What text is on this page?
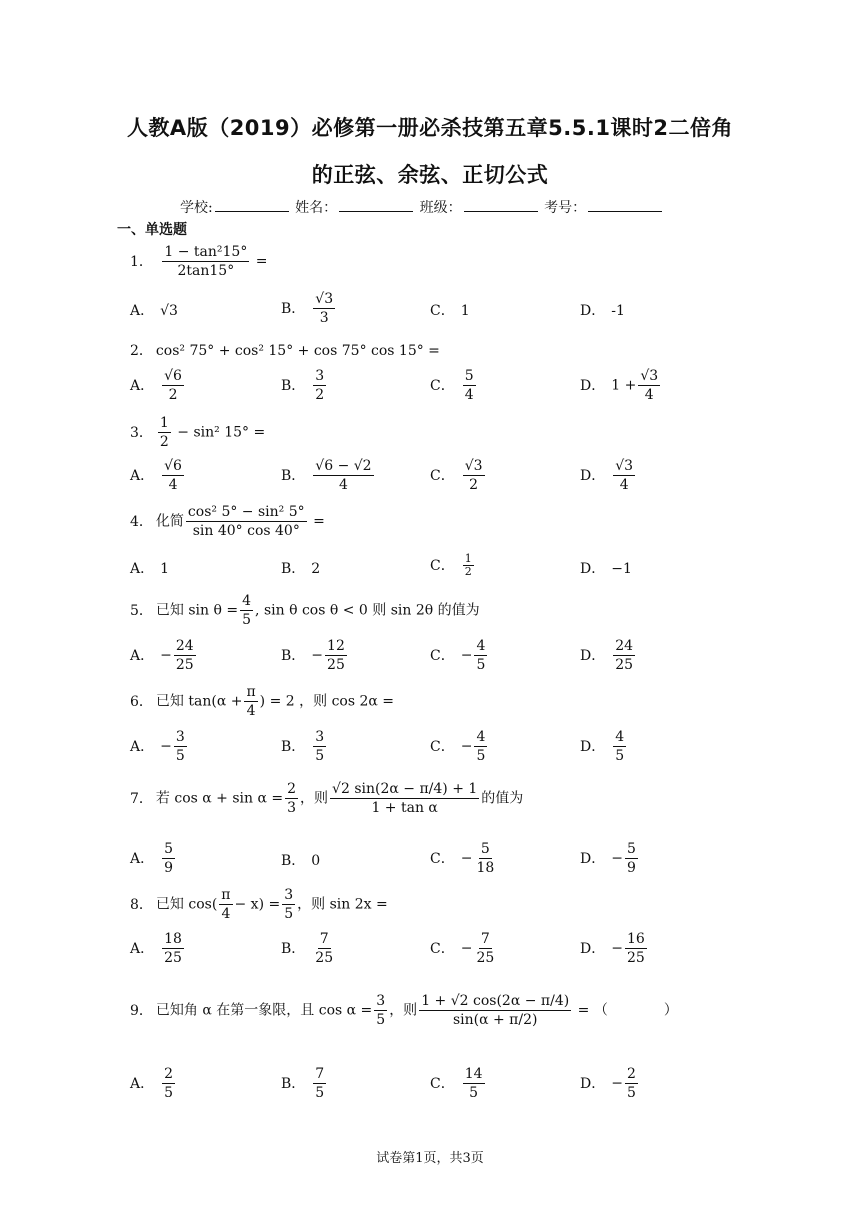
人教A版（2019）必修第一册必杀技第五章5.5.1课时2二倍角
的正弦、余弦、正切公式
学校:	姓名：	班级：	考号：
一、单选题
1． $\frac{\text{1 − tan²15°}}{2\tan 15^\circ}$ =
A． √3	B． $\frac{√3}{3}$	C． 1	D． -1
2． cos² 75° + cos² 15° + cos 75° cos 15° =
A． $\frac{√6}{2}$	B． $\frac{3}{2}$	C． $\frac{5}{4}$	D． $1 + \frac{√3}{4}$
3． $\frac{1}{2} - \sin^2$ 15° =
A． $\frac{√6}{4}$	B． $\frac{√6 - √2}{4}$	C． $\frac{√3}{2}$	D． $\frac{√3}{4}$
4． 化简 $\frac{\text{cos² 5° − sin² 5°}}{\sin 40^\circ \cos 40^\circ}$ =
A． 1	B． 2	C． $\frac{1}{2}$	D． −1
5． 已知 $\sin \theta = \frac{4}{5}$ , sin θ cos θ < 0 则 sin 2θ 的值为
A． − $\frac{24}{25}$	B． − $\frac{12}{25}$	C． − $\frac{4}{5}$	D． $\frac{24}{25}$
6． 已知 $\tan(\alpha + \frac{\pi}{4}$ ) = 2 ，则 cos 2α =
A． − $\frac{3}{5}$	B． $\frac{3}{5}$	C． − $\frac{4}{5}$	D． $\frac{4}{5}$
7． 若 $\cos \alpha + \sin \alpha = \frac{2}{3}$ ，则 $\frac{√2 \sin(2\alpha - \pi/4) + 1}{\text{1 + tan α}}$ 的值为
A． $\frac{5}{9}$	B． 0	C． − $\frac{5}{18}$	D． − $\frac{5}{9}$
8． 已知 $\cos( \frac{\pi}{4} - x) = \frac{3}{5}$ ，则 sin 2x =
A． $\frac{18}{25}$	B． $\frac{7}{25}$	C． − $\frac{7}{25}$	D． − $\frac{16}{25}$
9． 已知角 α 在第一象限，且 $\cos \alpha = \frac{3}{5}$ ，则 $\frac{1 + √2 \cos(2\alpha - \pi/4)}{\sin(\alpha + \pi/2)}$ = （　　　　）
A． $\frac{2}{5}$	B． $\frac{7}{5}$	C． $\frac{14}{5}$	D． − $\frac{2}{5}$
试卷第1页，共3页
